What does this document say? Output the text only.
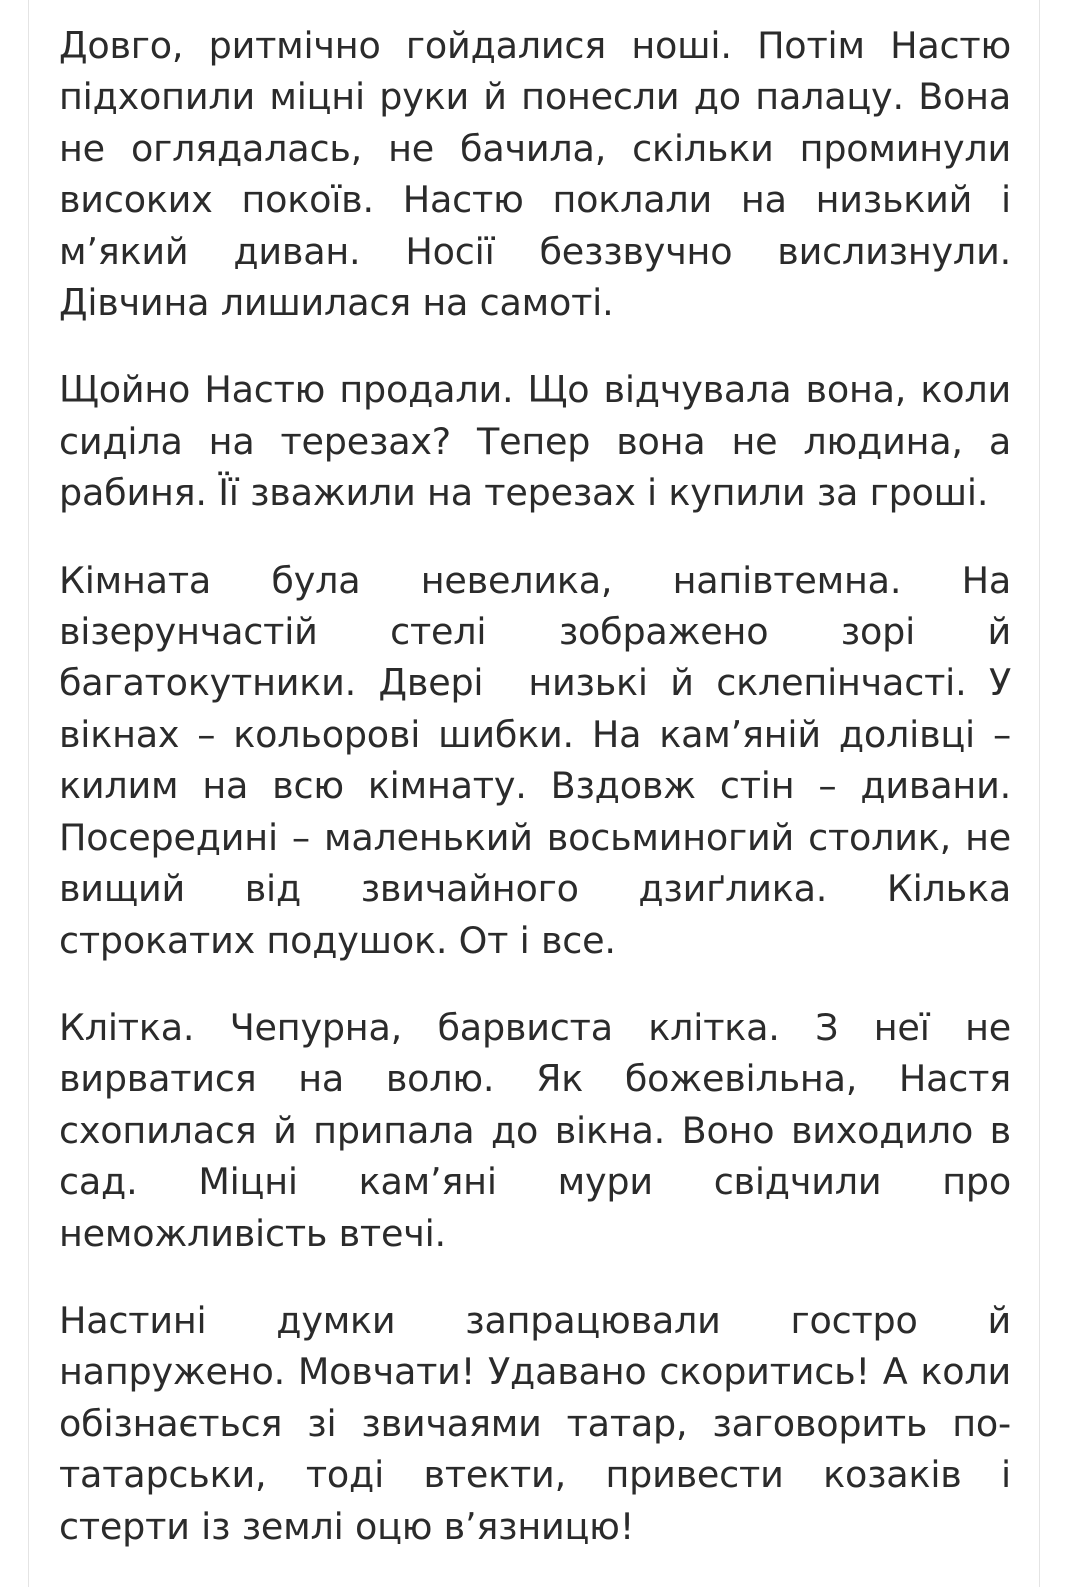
Довго, ритмічно гойдалися ноші. Потім Настю підхопили міцні руки й понесли до палацу. Вона не оглядалась, не бачила, скільки проминули високих покоїв. Настю поклали на низький і м’який диван. Носії беззвучно вислизнули. Дівчина лишилася на самоті.

Щойно Настю продали. Що відчувала вона, коли сиділа на терезах? Тепер вона не людина, а рабиня. Її зважили на терезах і купили за гроші.

Кімната була невелика, напівтемна. На візерунчастій стелі зображено зорі й багатокутники. Двері  низькі й склепінчасті. У вікнах – кольорові шибки. На кам’яній долівці – килим на всю кімнату. Вздовж стін – дивани. Посередині – маленький восьминогий столик, не вищий від звичайного дзиґлика. Кілька строкатих подушок. От і все.

Клітка. Чепурна, барвиста клітка. З неї не вирватися на волю. Як божевільна, Настя схопилася й припала до вікна. Воно виходило в сад. Міцні кам’яні мури свідчили про неможливість втечі.

Настині думки запрацювали гостро й напружено. Мовчати! Удавано скоритись! А коли обізнається зі звичаями татар, заговорить по-татарськи, тоді втекти, привести козаків і стерти із землі оцю в’язницю!
